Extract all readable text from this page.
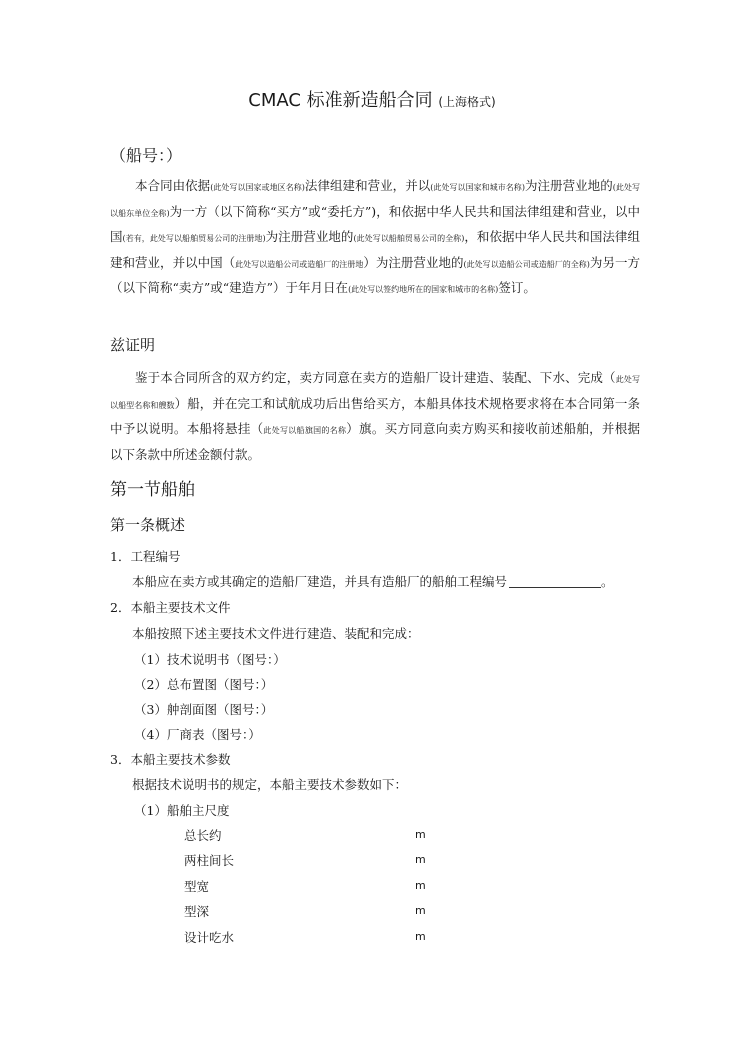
CMAC 标准新造船合同 (上海格式)
（船号：）
本合同由依据(此处写以国家或地区名称)法律组建和营业，并以(此处写以国家和城市名称)为注册营业地的(此处写以船东单位全称)为一方（以下简称“买方”或“委托方”)，和依据中华人民共和国法律组建和营业，以中国(若有，此处写以船舶贸易公司的注册地)为注册营业地的(此处写以船舶贸易公司的全称)，和依据中华人民共和国法律组建和营业，并以中国（此处写以造船公司或造船厂的注册地）为注册营业地的(此处写以造船公司或造船厂的全称)为另一方（以下简称“卖方”或“建造方”）于年月日在(此处写以签约地所在的国家和城市的名称)签订。
兹证明
鉴于本合同所含的双方约定，卖方同意在卖方的造船厂设计建造、装配、下水、完成（此处写以船型名称和艘数）船，并在完工和试航成功后出售给买方，本船具体技术规格要求将在本合同第一条中予以说明。本船将悬挂（此处写以船旗国的名称）旗。买方同意向卖方购买和接收前述船舶，并根据以下条款中所述金额付款。
第一节船舶
第一条概述
1．工程编号
本船应在卖方或其确定的造船厂建造，并具有造船厂的船舶工程编号	。
2．本船主要技术文件
本船按照下述主要技术文件进行建造、装配和完成：
（1）技术说明书（图号：）
（2）总布置图（图号：）
（3）舯剖面图（图号：）
（4）厂商表（图号：）
3．本船主要技术参数
根据技术说明书的规定，本船主要技术参数如下：
（1）船舶主尺度
总长约	m
两柱间长	m
型宽	m
型深	m
设计吃水	m
